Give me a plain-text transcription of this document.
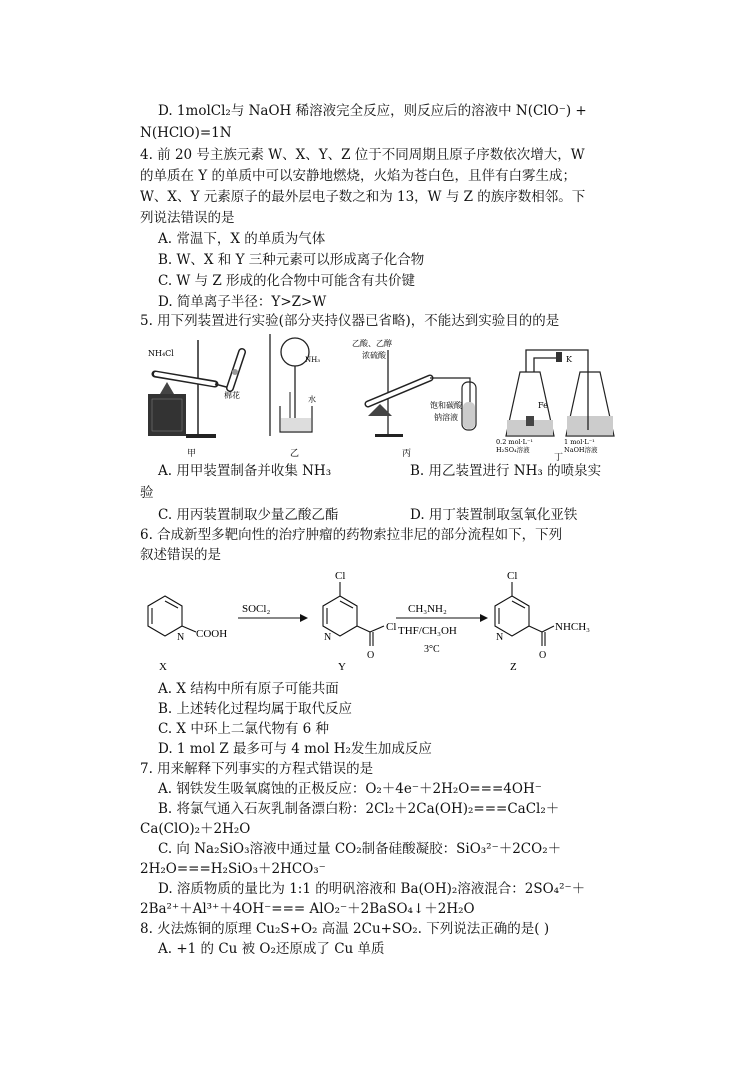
D. 1molCl₂与 NaOH 稀溶液完全反应，则反应后的溶液中 N(ClO⁻) +
N(HClO)=1N
4. 前 20 号主族元素 W、X、Y、Z 位于不同周期且原子序数依次增大，W
的单质在 Y 的单质中可以安静地燃烧，火焰为苍白色，且伴有白雾生成；
W、X、Y 元素原子的最外层电子数之和为 13，W 与 Z 的族序数相邻。下
列说法错误的是
A. 常温下，X 的单质为气体
B. W、X 和 Y 三种元素可以形成离子化合物
C. W 与 Z 形成的化合物中可能含有共价键
D. 简单离子半径：Y>Z>W
5. 用下列装置进行实验(部分夹持仪器已省略)，不能达到实验目的的是
NH₄Cl
棉花
甲
NH₃
水
乙
乙酸、乙醇
浓硫酸
饱和碳酸
钠溶液
丙
K
Fe
0.2 mol·L⁻¹
H₂SO₄溶液
1 mol·L⁻¹
NaOH溶液
丁
A. 用甲装置制备并收集 NH₃	B. 用乙装置进行 NH₃ 的喷泉实
验
C. 用丙装置制取少量乙酸乙酯	D. 用丁装置制取氢氧化亚铁
6. 合成新型多靶向性的治疗肿瘤的药物索拉非尼的部分流程如下，下列
叙述错误的是
N COOH
X
SOCl₂
Cl
N
Cl
O
Y
CH₃NH₂
THF/CH₃OH
3°C
Cl
N
NHCH₃
O
Z
A. X 结构中所有原子可能共面
B. 上述转化过程均属于取代反应
C. X 中环上二氯代物有 6 种
D. 1 mol Z 最多可与 4 mol H₂发生加成反应
7. 用来解释下列事实的方程式错误的是
A. 钢铁发生吸氧腐蚀的正极反应：O₂＋4e⁻＋2H₂O===4OH⁻
B. 将氯气通入石灰乳制备漂白粉：2Cl₂＋2Ca(OH)₂===CaCl₂＋
Ca(ClO)₂＋2H₂O
C. 向 Na₂SiO₃溶液中通过量 CO₂制备硅酸凝胶：SiO₃²⁻＋2CO₂＋
2H₂O===H₂SiO₃＋2HCO₃⁻
D. 溶质物质的量比为 1:1 的明矾溶液和 Ba(OH)₂溶液混合：2SO₄²⁻＋
2Ba²⁺＋Al³⁺＋4OH⁻=== AlO₂⁻＋2BaSO₄↓＋2H₂O
8. 火法炼铜的原理 Cu₂S+O₂ 高温 2Cu+SO₂. 下列说法正确的是( )
A. +1 的 Cu 被 O₂还原成了 Cu 单质
